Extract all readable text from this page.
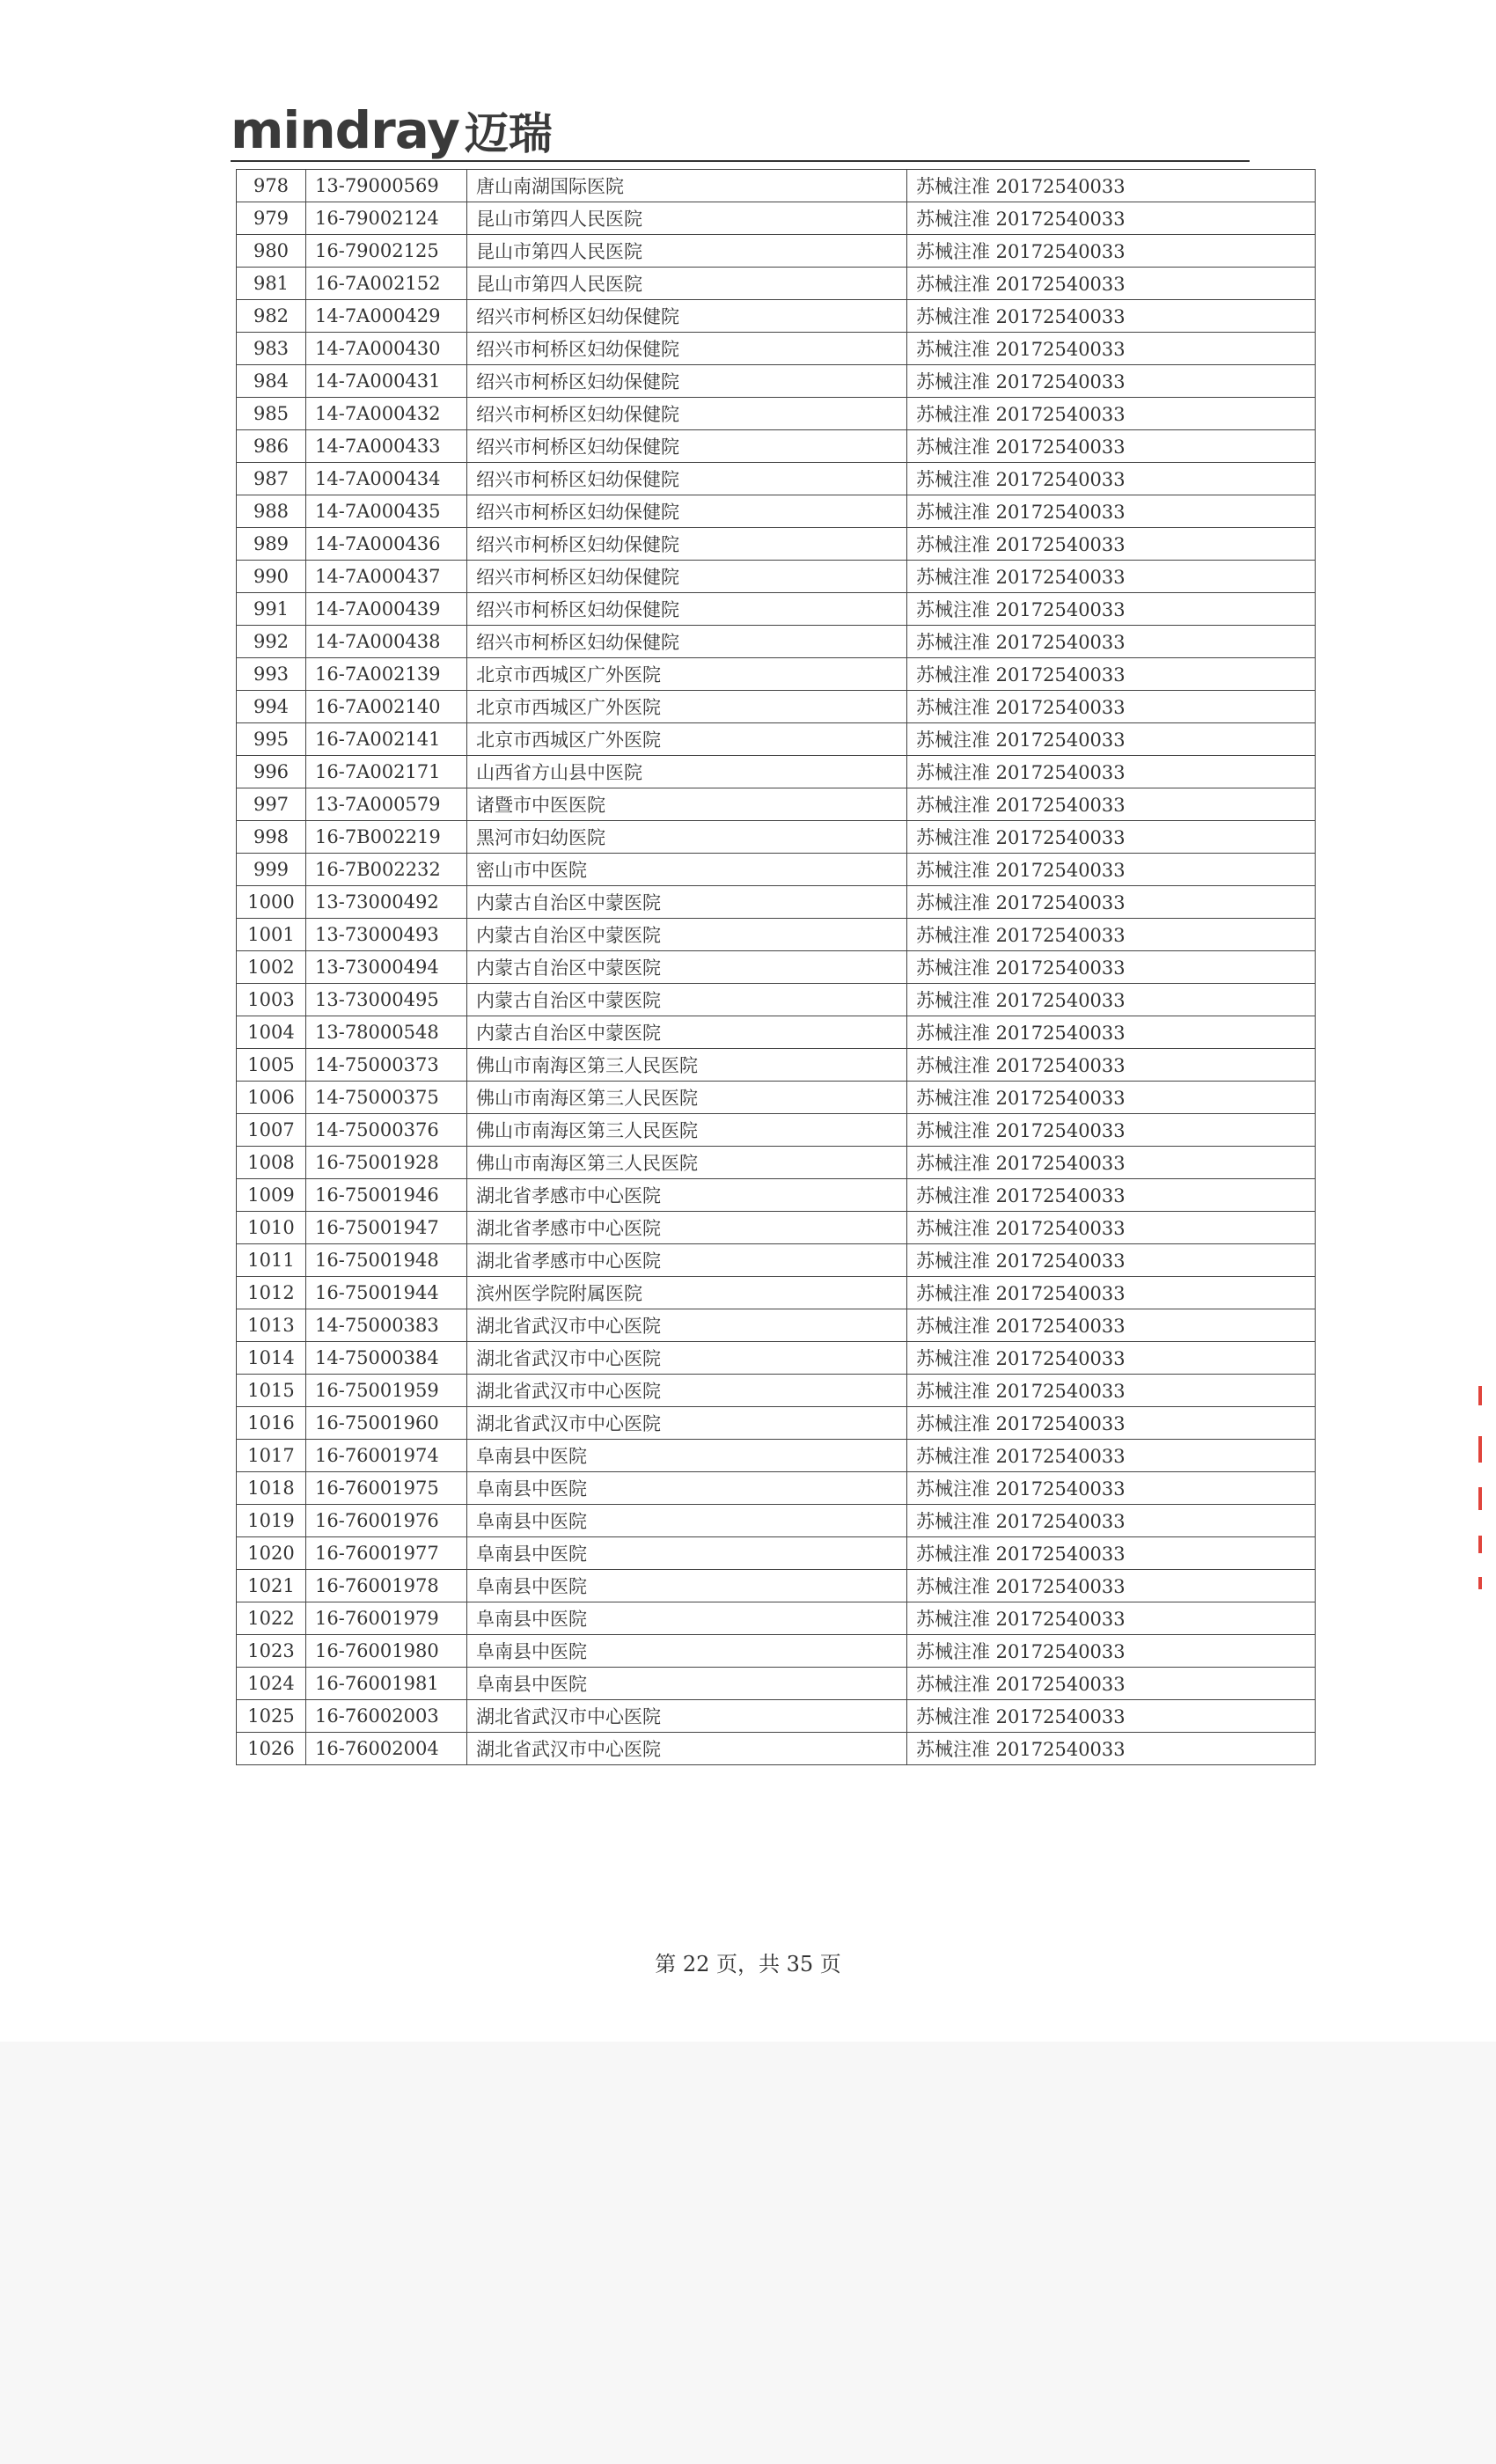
mindray 迈瑞
978	13-79000569	唐山南湖国际医院	苏械注准 20172540033
979	16-79002124	昆山市第四人民医院	苏械注准 20172540033
980	16-79002125	昆山市第四人民医院	苏械注准 20172540033
981	16-7A002152	昆山市第四人民医院	苏械注准 20172540033
982	14-7A000429	绍兴市柯桥区妇幼保健院	苏械注准 20172540033
983	14-7A000430	绍兴市柯桥区妇幼保健院	苏械注准 20172540033
984	14-7A000431	绍兴市柯桥区妇幼保健院	苏械注准 20172540033
985	14-7A000432	绍兴市柯桥区妇幼保健院	苏械注准 20172540033
986	14-7A000433	绍兴市柯桥区妇幼保健院	苏械注准 20172540033
987	14-7A000434	绍兴市柯桥区妇幼保健院	苏械注准 20172540033
988	14-7A000435	绍兴市柯桥区妇幼保健院	苏械注准 20172540033
989	14-7A000436	绍兴市柯桥区妇幼保健院	苏械注准 20172540033
990	14-7A000437	绍兴市柯桥区妇幼保健院	苏械注准 20172540033
991	14-7A000439	绍兴市柯桥区妇幼保健院	苏械注准 20172540033
992	14-7A000438	绍兴市柯桥区妇幼保健院	苏械注准 20172540033
993	16-7A002139	北京市西城区广外医院	苏械注准 20172540033
994	16-7A002140	北京市西城区广外医院	苏械注准 20172540033
995	16-7A002141	北京市西城区广外医院	苏械注准 20172540033
996	16-7A002171	山西省方山县中医院	苏械注准 20172540033
997	13-7A000579	诸暨市中医医院	苏械注准 20172540033
998	16-7B002219	黑河市妇幼医院	苏械注准 20172540033
999	16-7B002232	密山市中医院	苏械注准 20172540033
1000	13-73000492	内蒙古自治区中蒙医院	苏械注准 20172540033
1001	13-73000493	内蒙古自治区中蒙医院	苏械注准 20172540033
1002	13-73000494	内蒙古自治区中蒙医院	苏械注准 20172540033
1003	13-73000495	内蒙古自治区中蒙医院	苏械注准 20172540033
1004	13-78000548	内蒙古自治区中蒙医院	苏械注准 20172540033
1005	14-75000373	佛山市南海区第三人民医院	苏械注准 20172540033
1006	14-75000375	佛山市南海区第三人民医院	苏械注准 20172540033
1007	14-75000376	佛山市南海区第三人民医院	苏械注准 20172540033
1008	16-75001928	佛山市南海区第三人民医院	苏械注准 20172540033
1009	16-75001946	湖北省孝感市中心医院	苏械注准 20172540033
1010	16-75001947	湖北省孝感市中心医院	苏械注准 20172540033
1011	16-75001948	湖北省孝感市中心医院	苏械注准 20172540033
1012	16-75001944	滨州医学院附属医院	苏械注准 20172540033
1013	14-75000383	湖北省武汉市中心医院	苏械注准 20172540033
1014	14-75000384	湖北省武汉市中心医院	苏械注准 20172540033
1015	16-75001959	湖北省武汉市中心医院	苏械注准 20172540033
1016	16-75001960	湖北省武汉市中心医院	苏械注准 20172540033
1017	16-76001974	阜南县中医院	苏械注准 20172540033
1018	16-76001975	阜南县中医院	苏械注准 20172540033
1019	16-76001976	阜南县中医院	苏械注准 20172540033
1020	16-76001977	阜南县中医院	苏械注准 20172540033
1021	16-76001978	阜南县中医院	苏械注准 20172540033
1022	16-76001979	阜南县中医院	苏械注准 20172540033
1023	16-76001980	阜南县中医院	苏械注准 20172540033
1024	16-76001981	阜南县中医院	苏械注准 20172540033
1025	16-76002003	湖北省武汉市中心医院	苏械注准 20172540033
1026	16-76002004	湖北省武汉市中心医院	苏械注准 20172540033
第 22 页，共 35 页
